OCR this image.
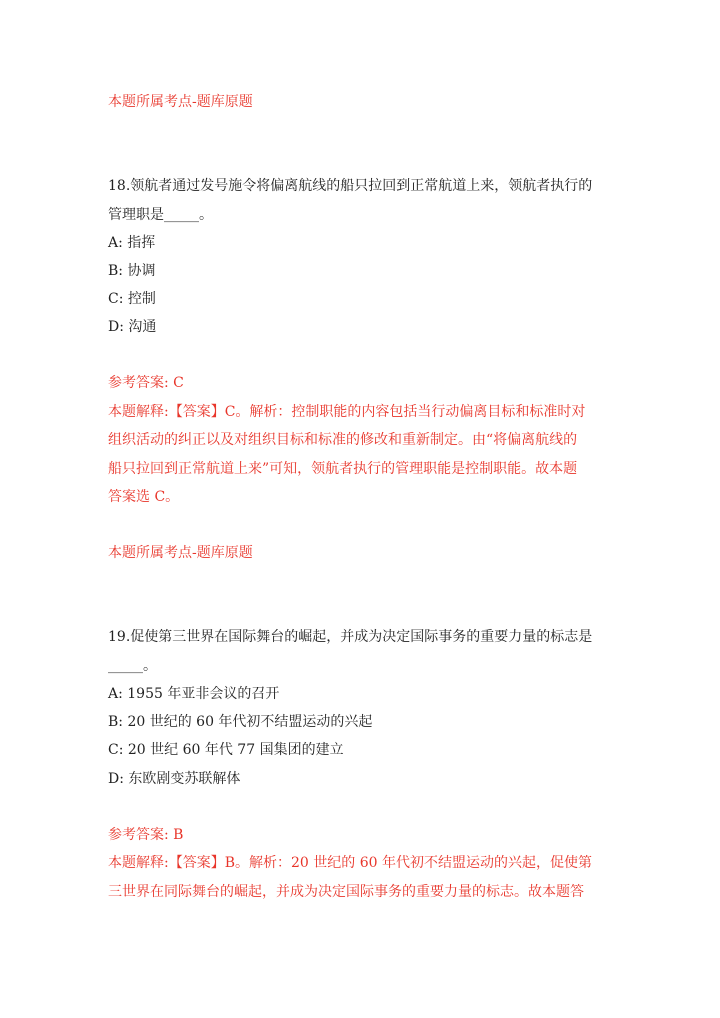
本题所属考点-题库原题
18.领航者通过发号施令将偏离航线的船只拉回到正常航道上来，领航者执行的
管理职是_____。
A: 指挥
B: 协调
C: 控制
D: 沟通
参考答案: C
本题解释:【答案】C。解析：控制职能的内容包括当行动偏离目标和标准时对
组织活动的纠正以及对组织目标和标准的修改和重新制定。由“将偏离航线的
船只拉回到正常航道上来”可知，领航者执行的管理职能是控制职能。故本题
答案选 C。
本题所属考点-题库原题
19.促使第三世界在国际舞台的崛起，并成为决定国际事务的重要力量的标志是
_____。
A: 1955 年亚非会议的召开
B: 20 世纪的 60 年代初不结盟运动的兴起
C: 20 世纪 60 年代 77 国集团的建立
D: 东欧剧变苏联解体
参考答案: B
本题解释:【答案】B。解析：20 世纪的 60 年代初不结盟运动的兴起，促使第
三世界在同际舞台的崛起，并成为决定国际事务的重要力量的标志。故本题答
